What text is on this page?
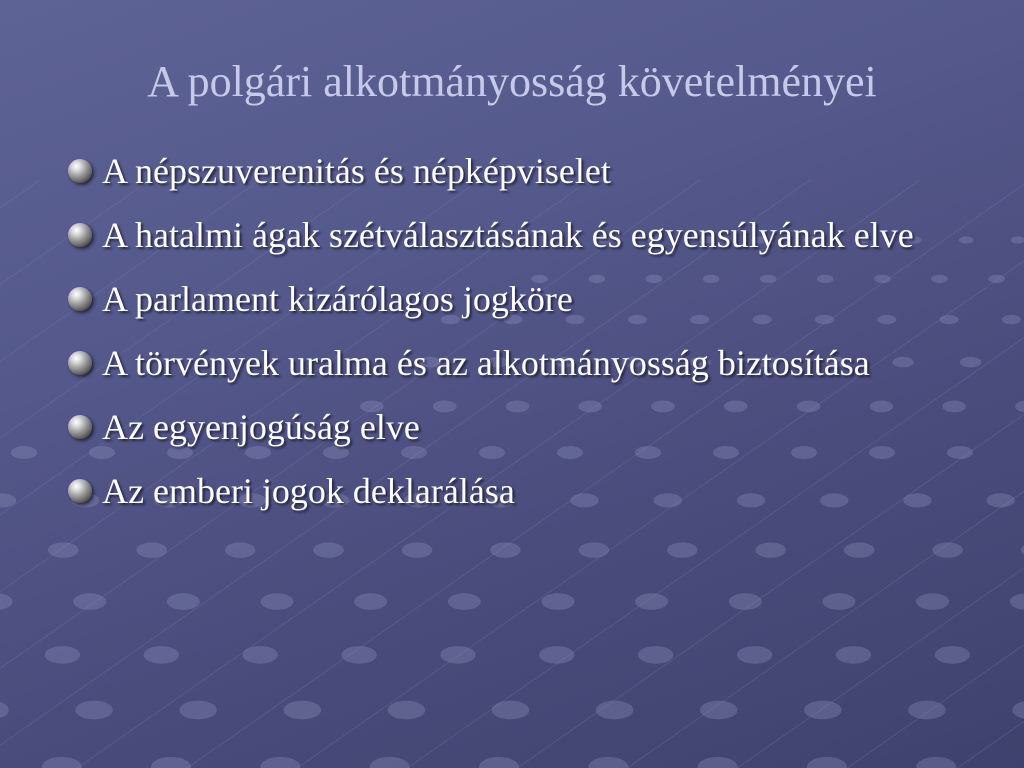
A polgári alkotmányosság követelményei
A népszuverenitás és népképviselet
A hatalmi ágak szétválasztásának és egyensúlyának elve
A parlament kizárólagos jogköre
A törvények uralma és az alkotmányosság biztosítása
Az egyenjogúság elve
Az emberi jogok deklarálása
